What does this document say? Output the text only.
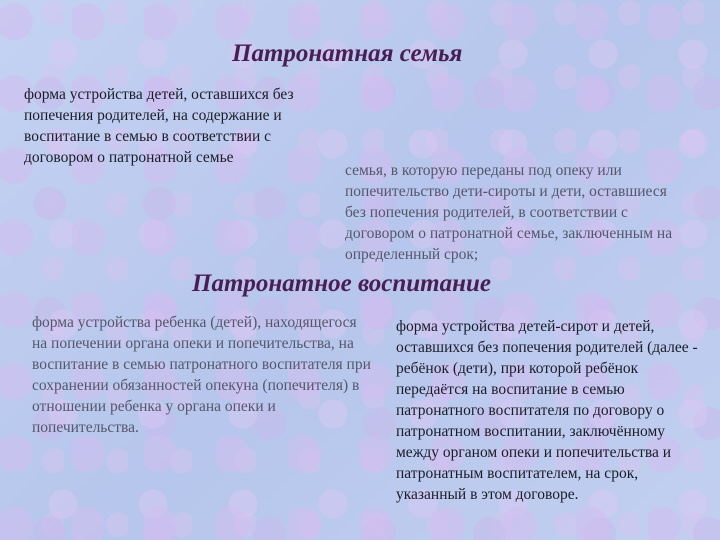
Патронатная семья

форма устройства детей, оставшихся без попечения родителей, на содержание и воспитание в семью в соответствии с договором о патронатной семье

семья, в которую переданы под опеку или попечительство дети-сироты и дети, оставшиеся без попечения родителей, в соответствии с договором о патронатной семье, заключенным на определенный срок;

Патронатное воспитание

форма устройства ребенка (детей), находящегося на попечении органа опеки и попечительства, на воспитание в семью патронатного воспитателя при сохранении обязанностей опекуна (попечителя) в отношении ребенка у органа опеки и попечительства.

форма устройства детей-сирот и детей, оставшихся без попечения родителей (далее - ребёнок (дети), при которой ребёнок передаётся на воспитание в семью патронатного воспитателя по договору о патронатном воспитании, заключённому между органом опеки и попечительства и патронатным воспитателем, на срок, указанный в этом договоре.
